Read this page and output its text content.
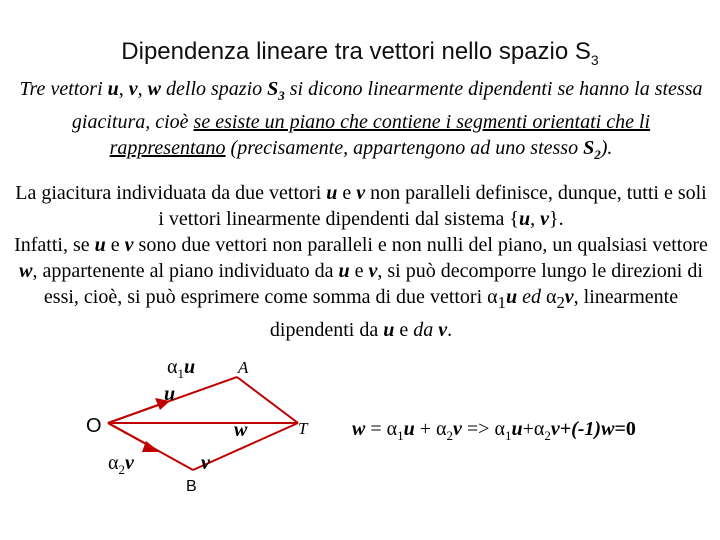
Dipendenza lineare tra vettori nello spazio $S_3$
Tre vettori u, v, w dello spazio $S_3$ si dicono linearmente dipendenti se hanno la stessa giacitura, cioè se esiste un piano che contiene i segmenti orientati che li rappresentano (precisamente, appartengono ad uno stesso $S_2$).
La giacitura individuata da due vettori u e v non paralleli definisce, dunque, tutti e soli i vettori linearmente dipendenti dal sistema {u, v}.
Infatti, se u e v sono due vettori non paralleli e non nulli del piano, un qualsiasi vettore w, appartenente al piano individuato da u e v, si può decomporre lungo le direzioni di essi, cioè, si può esprimere come somma di due vettori $\alpha_1u$ ed $\alpha_2v$, linearmente dipendenti da u e da v.
O
A
B
T
$\alpha_1u$
u
w
$\alpha_2v$	v
$w = \alpha_1u + \alpha_2v => \alpha_1u+\alpha_2v+(-1)w=0$
